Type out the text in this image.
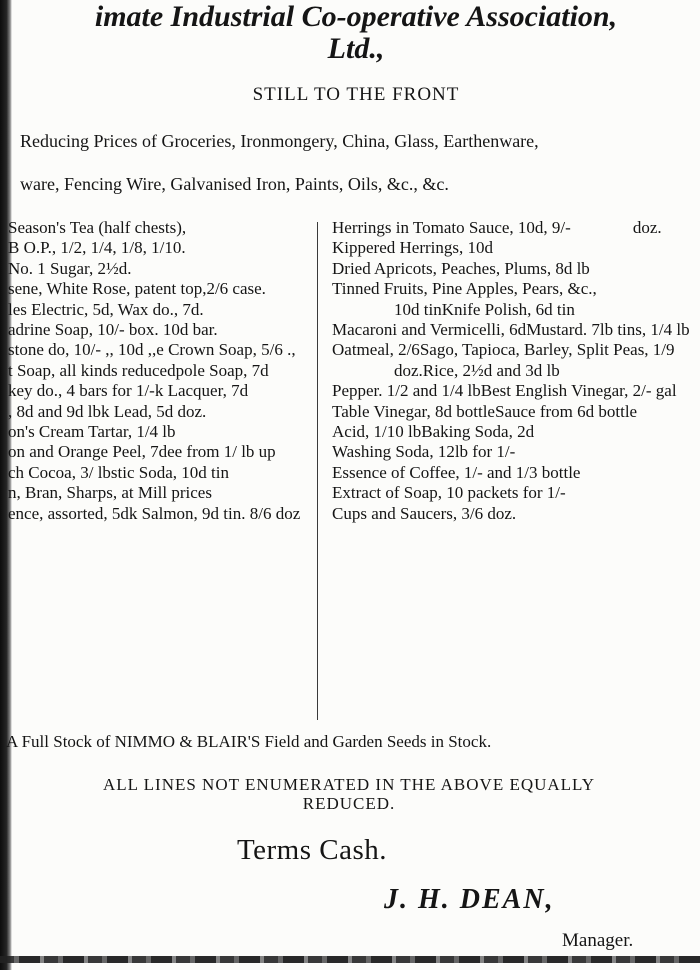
imate Industrial Co-operative Association,
Ltd.,
STILL TO THE FRONT
Reducing Prices of Groceries, Ironmongery, China, Glass, Earthenware,
ware, Fencing Wire, Galvanised Iron, Paints, Oils, &c., &c.
Season's Tea (half chests),B O.P., 1/2, 1/4, 1/8, 1/10.No. 1 Sugar, 2½d.sene, White Rose, patent top,2/6 case.les Electric, 5d, Wax do., 7d.adrine Soap, 10/- box. 10d bar.stone do, 10/- ,, 10d ,,e Crown Soap, 5/6 .,t Soap, all kinds reducedpole Soap, 7dkey do., 4 bars for 1/-k Lacquer, 7d, 8d and 9d lbk Lead, 5d doz.on's Cream Tartar, 1/4 lbon and Orange Peel, 7dee from 1/ lb upch Cocoa, 3/ lbstic Soda, 10d tinn, Bran, Sharps, at Mill pricesence, assorted, 5dk Salmon, 9d tin. 8/6 doz
Herrings in Tomato Sauce, 10d, 9/-	doz.Kippered Herrings, 10dDried Apricots, Peaches, Plums, 8d lbTinned Fruits, Pine Apples, Pears, &c.,10d tinKnife Polish, 6d tinMacaroni and Vermicelli, 6dMustard. 7lb tins, 1/4 lbOatmeal, 2/6Sago, Tapioca, Barley, Split Peas, 1/9doz.Rice, 2½d and 3d lbPepper. 1/2 and 1/4 lbBest English Vinegar, 2/- galTable Vinegar, 8d bottleSauce from 6d bottleAcid, 1/10 lbBaking Soda, 2dWashing Soda, 12lb for 1/-Essence of Coffee, 1/- and 1/3 bottleExtract of Soap, 10 packets for 1/-Cups and Saucers, 3/6 doz.
A Full Stock of NIMMO & BLAIR'S Field and Garden Seeds in Stock.
ALL LINES NOT ENUMERATED IN THE ABOVE EQUALLY
REDUCED.
Terms Cash.
J. H. DEAN,
Manager.
